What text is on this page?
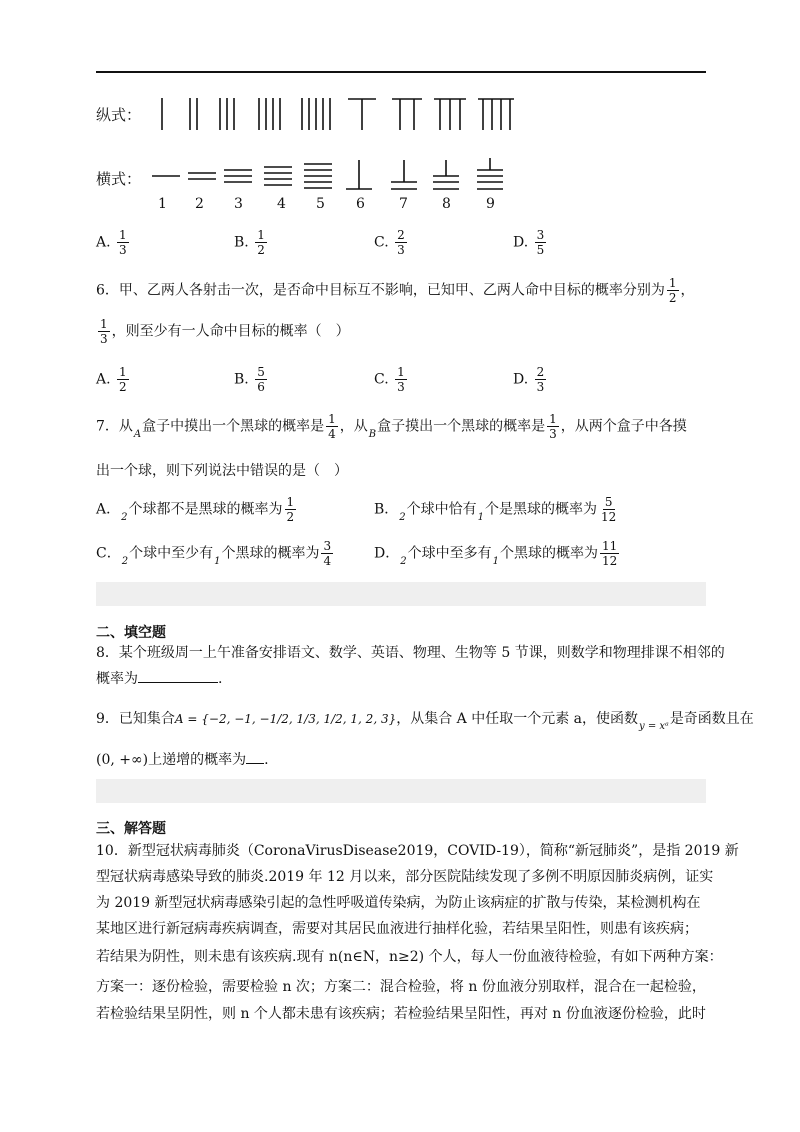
纵式：
横式：
1 2 3 4 5 6 7 8	9
A. $\frac{1}{3}$	B. $\frac{1}{2}$	C. $\frac{2}{3}$	D. $\frac{3}{5}$
6．甲、乙两人各射击一次，是否命中目标互不影响，已知甲、乙两人命中目标的概率分别为 $\frac{1}{2}$ ，
$\frac{1}{3}$ ，则至少有一人命中目标的概率（　）
A. $\frac{1}{2}$	B. $\frac{5}{6}$	C. $\frac{1}{3}$	D. $\frac{2}{3}$
7．从$_A$盒子中摸出一个黑球的概率是 $\frac{1}{4}$ ，从$_B$盒子摸出一个黑球的概率是 $\frac{1}{3}$ ，从两个盒子中各摸
出一个球，则下列说法中错误的是（　）
A．$_2$个球都不是黑球的概率为 $\frac{1}{2}$	B．$_2$个球中恰有$_1$个是黑球的概率为 $\frac{5}{12}$
C．$_2$个球中至少有$_1$个黑球的概率为 $\frac{3}{4}$	D．$_2$个球中至多有$_1$个黑球的概率为 $\frac{11}{12}$
二、填空题
8．某个班级周一上午准备安排语文、数学、英语、物理、生物等 5 节课，则数学和物理排课不相邻的
概率为	.
9．已知集合A = {−2, −1, −1/2, 1/3, 1/2, 1, 2, 3}，从集合 A 中任取一个元素 a，使函数$_{y = xᵃ}$是奇函数且在
(0, +∞)上递增的概率为 .
三、解答题
10．新型冠状病毒肺炎（CoronaVirusDisease2019，COVID-19），简称“新冠肺炎”，是指 2019 新
型冠状病毒感染导致的肺炎.2019 年 12 月以来，部分医院陆续发现了多例不明原因肺炎病例，证实
为 2019 新型冠状病毒感染引起的急性呼吸道传染病，为防止该病症的扩散与传染，某检测机构在
某地区进行新冠病毒疾病调查，需要对其居民血液进行抽样化验，若结果呈阳性，则患有该疾病；
若结果为阴性，则未患有该疾病.现有 n(n∈N，n≥2) 个人，每人一份血液待检验，有如下两种方案：
方案一：逐份检验，需要检验 n 次；方案二：混合检验，将 n 份血液分别取样，混合在一起检验，
若检验结果呈阴性，则 n 个人都未患有该疾病；若检验结果呈阳性，再对 n 份血液逐份检验，此时
